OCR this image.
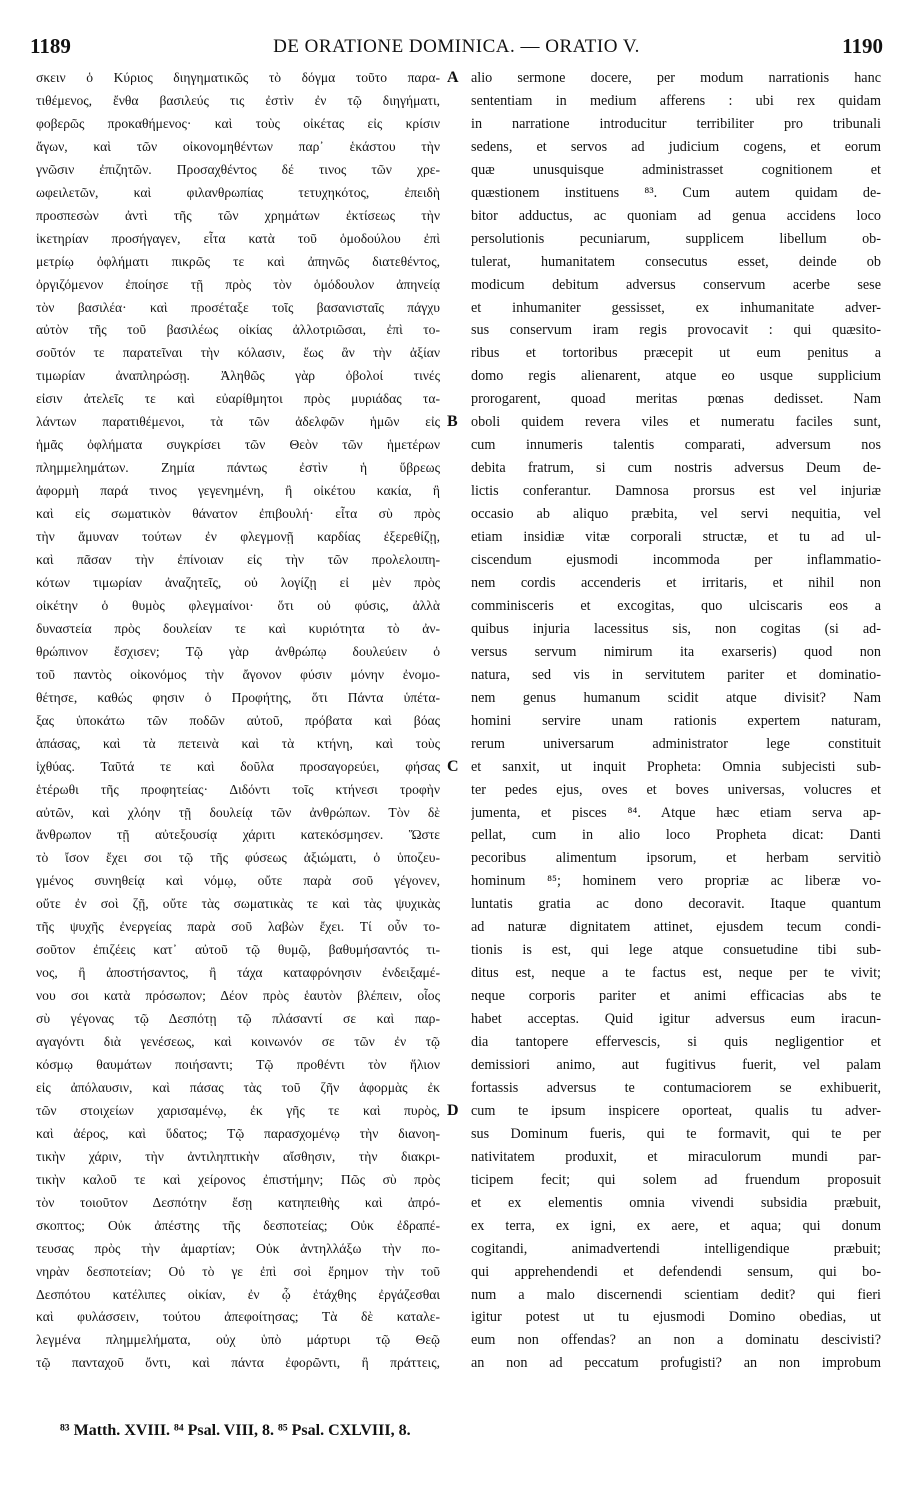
1189	DE ORATIONE DOMINICA. — ORATIO V.	1190
σκειν ὁ Κύριος διηγηματικῶς τὸ δόγμα τοῦτο παρα-
τιθέμενος, ἔνθα βασιλεύς τις ἐστὶν ἐν τῷ διηγήματι,
φοβερῶς προκαθήμενος· καὶ τοὺς οἰκέτας εἰς κρίσιν
ἄγων, καὶ τῶν οἰκονομηθέντων παρ᾽ ἑκάστου τὴν
γνῶσιν ἐπιζητῶν. Προσαχθέντος δέ τινος τῶν χρε-
ωφειλετῶν, καὶ φιλανθρωπίας τετυχηκότος, ἐπειδὴ
προσπεσὼν ἀντὶ τῆς τῶν χρημάτων ἐκτίσεως τὴν
ἱκετηρίαν προσήγαγεν, εἶτα κατὰ τοῦ ὁμοδούλου ἐπὶ
μετρίῳ ὀφλήματι πικρῶς τε καὶ ἀπηνῶς διατεθέντος,
ὀργιζόμενον ἐποίησε τῇ πρὸς τὸν ὁμόδουλον ἀπηνείᾳ
τὸν βασιλέα· καὶ προσέταξε τοῖς βασανισταῖς πάγχυ
αὐτὸν τῆς τοῦ βασιλέως οἰκίας ἀλλοτριῶσαι, ἐπὶ το-
σοῦτόν τε παρατεῖναι τὴν κόλασιν, ἕως ἂν τὴν ἀξίαν
τιμωρίαν ἀναπληρώσῃ. Ἀληθῶς γὰρ ὀβολοί τινές
εἰσιν ἀτελεῖς τε καὶ εὐαρίθμητοι πρὸς μυριάδας τα-
λάντων παρατιθέμενοι, τὰ τῶν ἀδελφῶν ἡμῶν εἰς
ἡμᾶς ὀφλήματα συγκρίσει τῶν Θεὸν τῶν ἡμετέρων
πλημμελημάτων. Ζημία πάντως ἐστὶν ἡ ὕβρεως
ἀφορμὴ παρά τινος γεγενημένη, ἢ οἰκέτου κακία, ἢ
καὶ εἰς σωματικὸν θάνατον ἐπιβουλή· εἶτα σὺ πρὸς
τὴν ἄμυναν τούτων ἐν φλεγμονῇ καρδίας ἐξερεθίζῃ,
καὶ πᾶσαν τὴν ἐπίνοιαν εἰς τὴν τῶν προλελοιπη-
κότων τιμωρίαν ἀναζητεῖς, οὐ λογίζῃ εἰ μὲν πρὸς
οἰκέτην ὁ θυμὸς φλεγμαίνοι· ὅτι οὐ φύσις, ἀλλὰ
δυναστεία πρὸς δουλείαν τε καὶ κυριότητα τὸ ἀν-
θρώπινον ἔσχισεν; Τῷ γὰρ ἀνθρώπῳ δουλεύειν ὁ
τοῦ παντὸς οἰκονόμος τὴν ἄγονον φύσιν μόνην ἐνομο-
θέτησε, καθώς φησιν ὁ Προφήτης, ὅτι Πάντα ὑπέτα-
ξας ὑποκάτω τῶν ποδῶν αὐτοῦ, πρόβατα καὶ βόας
ἁπάσας, καὶ τὰ πετεινὰ καὶ τὰ κτήνη, καὶ τοὺς
ἰχθύας. Ταῦτά τε καὶ δοῦλα προσαγορεύει, φήσας
ἑτέρωθι τῆς προφητείας· Διδόντι τοῖς κτήνεσι τροφὴν
αὐτῶν, καὶ χλόην τῇ δουλείᾳ τῶν ἀνθρώπων. Τὸν δὲ
ἄνθρωπον τῇ αὐτεξουσίᾳ χάριτι κατεκόσμησεν. Ὥστε
τὸ ἴσον ἔχει σοι τῷ τῆς φύσεως ἀξιώματι, ὁ ὑποζευ-
γμένος συνηθείᾳ καὶ νόμῳ, οὔτε παρὰ σοῦ γέγονεν,
οὔτε ἐν σοὶ ζῇ, οὔτε τὰς σωματικὰς τε καὶ τὰς ψυχικὰς
τῆς ψυχῆς ἐνεργείας παρὰ σοῦ λαβὼν ἔχει. Τί οὖν το-
σοῦτον ἐπιζέεις κατ᾽ αὐτοῦ τῷ θυμῷ, βαθυμήσαντός τι-
νος, ἢ ἀποστήσαντος, ἢ τάχα καταφρόνησιν ἐνδειξαμέ-
νου σοι κατὰ πρόσωπον; Δέον πρὸς ἑαυτὸν βλέπειν, οἷος
σὺ γέγονας τῷ Δεσπότῃ τῷ πλάσαντί σε καὶ παρ-
αγαγόντι διὰ γενέσεως, καὶ κοινωνόν σε τῶν ἐν τῷ
κόσμῳ θαυμάτων ποιήσαντι; Τῷ προθέντι τὸν ἥλιον
εἰς ἀπόλαυσιν, καὶ πάσας τὰς τοῦ ζῆν ἀφορμὰς ἐκ
τῶν στοιχείων χαρισαμένῳ, ἐκ γῆς τε καὶ πυρὸς,
καὶ ἀέρος, καὶ ὕδατος; Τῷ παρασχομένῳ τὴν διανοη-
τικὴν χάριν, τὴν ἀντιληπτικὴν αἴσθησιν, τὴν διακρι-
τικὴν καλοῦ τε καὶ χείρονος ἐπιστήμην; Πῶς σὺ πρὸς
τὸν τοιοῦτον Δεσπότην ἔσῃ κατηπειθὴς καὶ ἀπρό-
σκοπτος; Οὐκ ἀπέστης τῆς δεσποτείας; Οὐκ ἐδραπέ-
τευσας πρὸς τὴν ἁμαρτίαν; Οὐκ ἀντηλλάξω τὴν πο-
νηρὰν δεσποτείαν; Οὐ τὸ γε ἐπὶ σοὶ ἔρημον τὴν τοῦ
Δεσπότου κατέλιπες οἰκίαν, ἐν ᾧ ἐτάχθης ἐργάζεσθαι
καὶ φυλάσσειν, τούτου ἀπεφοίτησας; Τὰ δὲ καταλε-
λεγμένα πλημμελήματα, οὐχ ὑπὸ μάρτυρι τῷ Θεῷ
τῷ πανταχοῦ ὄντι, καὶ πάντα ἐφορῶντι, ἢ πράττεις,
alio sermone docere, per modum narrationis hanc
sententiam in medium afferens : ubi rex quidam
in narratione introducitur terribiliter pro tribunali
sedens, et servos ad judicium cogens, et eorum
quæ unusquisque administrasset cognitionem et
quæstionem instituens ⁸³. Cum autem quidam de-
bitor adductus, ac quoniam ad genua accidens loco
persolutionis pecuniarum, supplicem libellum ob-
tulerat, humanitatem consecutus esset, deinde ob
modicum debitum adversus conservum acerbe sese
et inhumaniter gessisset, ex inhumanitate adver-
sus conservum iram regis provocavit : qui quæsito-
ribus et tortoribus præcepit ut eum penitus a
domo regis alienarent, atque eo usque supplicium
prorogarent, quoad meritas pœnas dedisset. Nam
oboli quidem revera viles et numeratu faciles sunt,
cum innumeris talentis comparati, adversum nos
debita fratrum, si cum nostris adversus Deum de-
lictis conferantur. Damnosa prorsus est vel injuriæ
occasio ab aliquo præbita, vel servi nequitia, vel
etiam insidiæ vitæ corporali structæ, et tu ad ul-
ciscendum ejusmodi incommoda per inflammatio-
nem cordis accenderis et irritaris, et nihil non
comminisceris et excogitas, quo ulciscaris eos a
quibus injuria lacessitus sis, non cogitas (si ad-
versus servum nimirum ita exarseris) quod non
natura, sed vis in servitutem pariter et dominatio-
nem genus humanum scidit atque divisit? Nam
homini servire unam rationis expertem naturam,
rerum universarum administrator lege constituit
et sanxit, ut inquit Propheta: Omnia subjecisti sub-
ter pedes ejus, oves et boves universas, volucres et
jumenta, et pisces ⁸⁴. Atque hæc etiam serva ap-
pellat, cum in alio loco Propheta dicat: Danti
pecoribus alimentum ipsorum, et herbam servitiò
hominum ⁸⁵; hominem vero propriæ ac liberæ vo-
luntatis gratia ac dono decoravit. Itaque quantum
ad naturæ dignitatem attinet, ejusdem tecum condi-
tionis is est, qui lege atque consuetudine tibi sub-
ditus est, neque a te factus est, neque per te vivit;
neque corporis pariter et animi efficacias abs te
habet acceptas. Quid igitur adversus eum iracun-
dia tantopere effervescis, si quis negligentior et
demissiori animo, aut fugitivus fuerit, vel palam
fortassis adversus te contumaciorem se exhibuerit,
cum te ipsum inspicere oporteat, qualis tu adver-
sus Dominum fueris, qui te formavit, qui te per
nativitatem produxit, et miraculorum mundi par-
ticipem fecit; qui solem ad fruendum proposuit
et ex elementis omnia vivendi subsidia præbuit,
ex terra, ex igni, ex aere, et aqua; qui donum
cogitandi, animadvertendi intelligendique præbuit;
qui apprehendendi et defendendi sensum, qui bo-
num a malo discernendi scientiam dedit? qui fieri
igitur potest ut tu ejusmodi Domino obedias, ut
eum non offendas? an non a dominatu descivisti?
an non ad peccatum profugisti? an non improbum
A
B
C
D
⁸³ Matth. XVIII. ⁸⁴ Psal. VIII, 8. ⁸⁵ Psal. CXLVIII, 8.
